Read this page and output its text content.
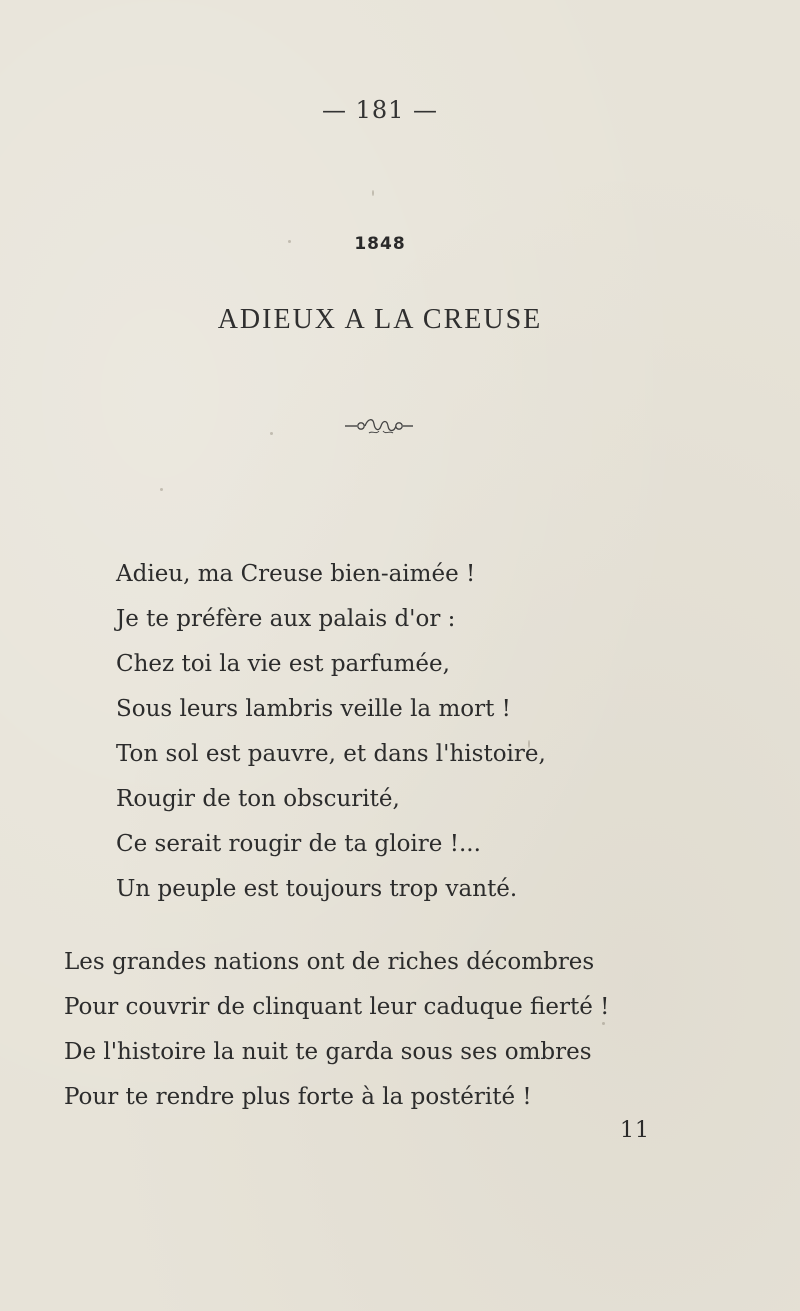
— 181 —
1848
ADIEUX A LA CREUSE
Adieu, ma Creuse bien-aimée !
Je te préfère aux palais d'or :
Chez toi la vie est parfumée,
Sous leurs lambris veille la mort !
Ton sol est pauvre, et dans l'histoire,
Rougir de ton obscurité,
Ce serait rougir de ta gloire !...
Un peuple est toujours trop vanté.
Les grandes nations ont de riches décombres
Pour couvrir de clinquant leur caduque fierté !
De l'histoire la nuit te garda sous ses ombres
Pour te rendre plus forte à la postérité !
11
